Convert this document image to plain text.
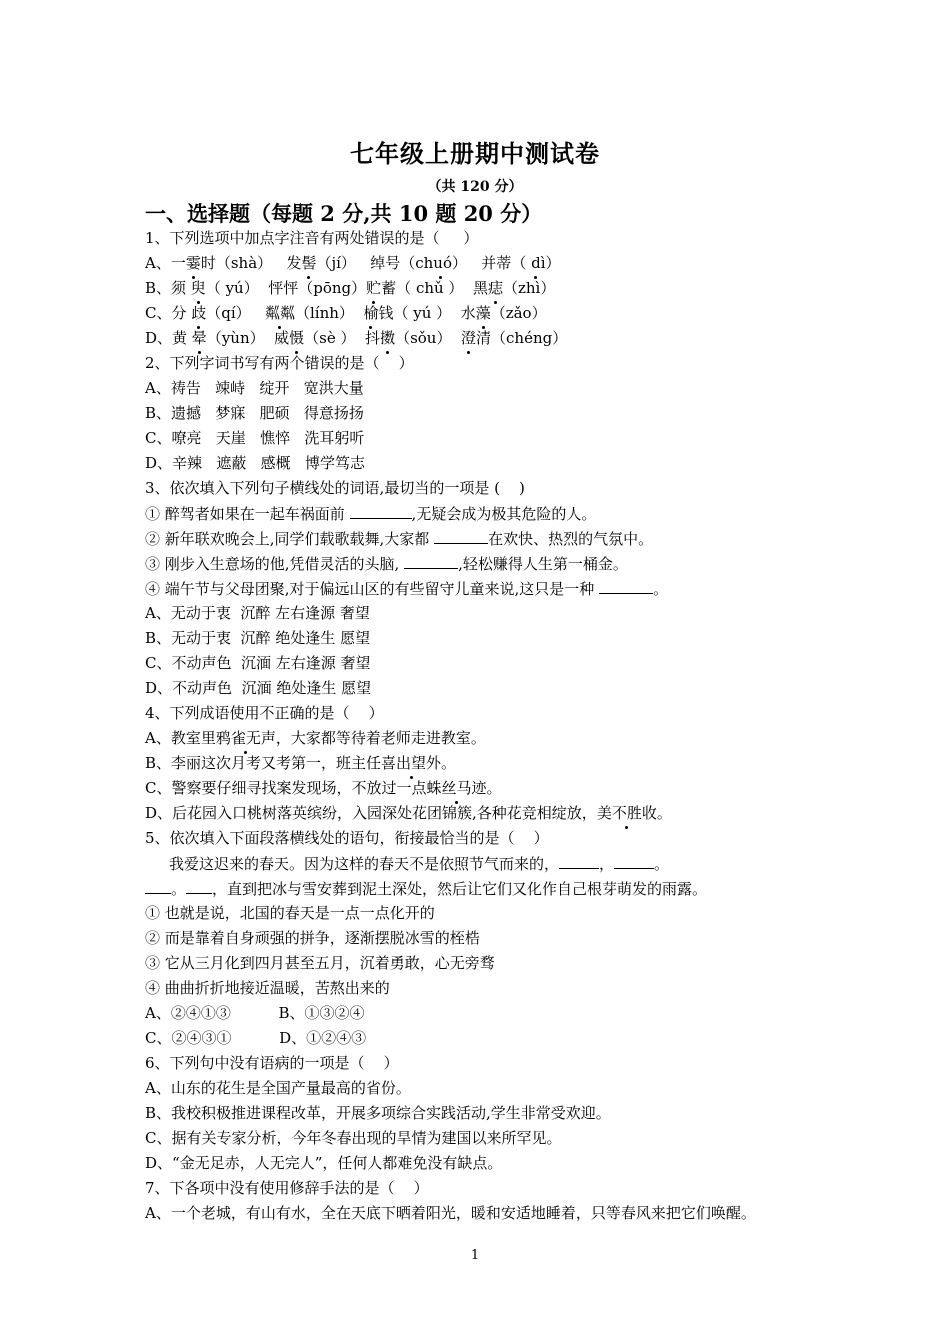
七年级上册期中测试卷
（共 120 分）
一、选择题（每题 2 分,共 10 题 20 分）
1、下列选项中加点字注音有两处错误的是（     ）
A、一霎时（shà）   发髻（jí）   绰号（chuó）   并蒂（ dì）
B、须 臾（ yú）  怦怦（pōng）贮蓄（ chǔ ）  黑痣（zhì）
C、分 歧（qí）   粼粼（lính）  榆钱（ yú ）  水藻（zǎo）
D、黄 晕（yùn）  威慑（sè ）  抖擞（sǒu）  澄清（chéng）
2、下列字词书写有两个错误的是（    ）
A、祷告   竦峙   绽开   宽洪大量
B、遗撼   梦寐   肥硕   得意扬扬
C、嘹亮   天崖   憔悴   洗耳躬听
D、辛辣   遮蔽   感概   博学笃志
3、依次填入下列句子横线处的词语,最切当的一项是 (    )
① 醉驾者如果在一起车祸面前	,无疑会成为极其危险的人。
② 新年联欢晚会上,同学们载歌载舞,大家都	在欢快、热烈的气氛中。
③ 刚步入生意场的他,凭借灵活的头脑,	,轻松赚得人生第一桶金。
④ 端午节与父母团聚,对于偏远山区的有些留守儿童来说,这只是一种	。
A、无动于衷  沉醉 左右逢源 奢望
B、无动于衷  沉醉 绝处逢生 愿望
C、不动声色  沉湎 左右逢源 奢望
D、不动声色  沉湎 绝处逢生 愿望
4、下列成语使用不正确的是（    ）
A、教室里鸦雀无声，大家都等待着老师走进教室。
B、李丽这次月考又考第一，班主任喜出望外。
C、警察要仔细寻找案发现场，不放过一点蛛丝马迹。
D、后花园入口桃树落英缤纷，入园深处花团锦簇,各种花竞相绽放，美不胜收。
5、依次填入下面段落横线处的语句，衔接最恰当的是（    ）
我爱这迟来的春天。因为这样的春天不是依照节气而来的，	，	。
。 ，直到把冰与雪安葬到泥土深处，然后让它们又化作自己根芽萌发的雨露。
① 也就是说，北国的春天是一点一点化开的
② 而是靠着自身顽强的拼争，逐渐摆脱冰雪的桎梏
③ 它从三月化到四月甚至五月，沉着勇敢，心无旁骛
④ 曲曲折折地接近温暖，苦熬出来的
A、②④①③          B、①③②④
C、②④③①          D、①②④③
6、下列句中没有语病的一项是（    ）
A、山东的花生是全国产量最高的省份。
B、我校积极推进课程改革，开展多项综合实践活动,学生非常受欢迎。
C、据有关专家分析，今年冬春出现的旱情为建国以来所罕见。
D、“金无足赤，人无完人”，任何人都难免没有缺点。
7、下各项中没有使用修辞手法的是（    ）
A、一个老城，有山有水，全在天底下晒着阳光，暖和安适地睡着，只等春风来把它们唤醒。
1
